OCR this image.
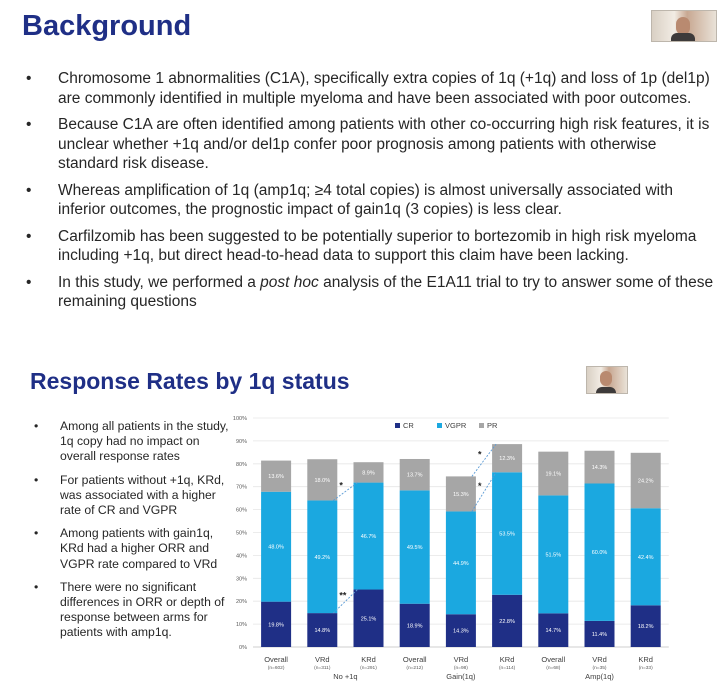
Background
• Chromosome 1 abnormalities (C1A), specifically extra copies of 1q (+1q) and loss of 1p (del1p) are commonly identified in multiple myeloma and have been associated with poor outcomes.
• Because C1A are often identified among patients with other co-occurring high risk features, it is unclear whether +1q and/or del1p confer poor prognosis among patients with otherwise standard risk disease.
• Whereas amplification of 1q (amp1q; ≥4 total copies) is almost universally associated with inferior outcomes, the prognostic impact of gain1q (3 copies) is less clear.
• Carfilzomib has been suggested to be potentially superior to bortezomib in high risk myeloma including +1q, but direct head-to-head data to support this claim have been lacking.
• In this study, we performed a post hoc analysis of the E1A11 trial to try to answer some of these remaining questions
Response Rates by 1q status
• Among all patients in the study, 1q copy had no impact on overall response rates
• For patients without +1q, KRd, was associated with a higher rate of CR and VGPR
• Among patients with gain1q, KRd had a higher ORR and VGPR rate compared to VRd
• There were no significant differences in ORR or depth of response between arms for patients with amp1q.
0%
10%
20%
30%
40%
50%
60%
70%
80%
90%
100%
19.8%
48.0%
13.6%
Overall
(n=602)
14.8%
49.2%
18.0%
VRd
(n=311)
25.1%
46.7%
8.9%
KRd
(n=291)
18.9%
49.5%
13.7%
Overall
(n=212)
14.3%
44.9%
15.3%
VRd
(n=98)
22.8%
53.5%
12.3%
KRd
(n=114)
14.7%
51.5%
19.1%
Overall
(n=68)
11.4%
60.0%
14.3%
VRd
(n=35)
18.2%
42.4%
24.2%
KRd
(n=33)
No +1q	Gain(1q)	Amp(1q)
CR	VGPR	PR
*
**
*
*
